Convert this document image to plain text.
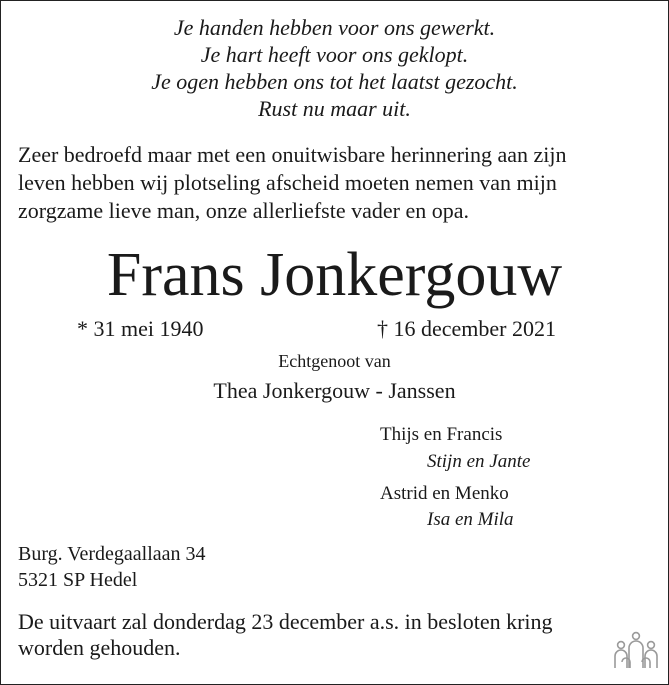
Je handen hebben voor ons gewerkt.
Je hart heeft voor ons geklopt.
Je ogen hebben ons tot het laatst gezocht.
Rust nu maar uit.
Zeer bedroefd maar met een onuitwisbare herinnering aan zijn
leven hebben wij plotseling afscheid moeten nemen van mijn
zorgzame lieve man, onze allerliefste vader en opa.
Frans Jonkergouw
* 31 mei 1940	† 16 december 2021
Echtgenoot van
Thea Jonkergouw - Janssen
Thijs en Francis
Stijn en Jante
Astrid en Menko
Isa en Mila
Burg. Verdegaallaan 34
5321 SP Hedel
De uitvaart zal donderdag 23 december a.s. in besloten kring
worden gehouden.
